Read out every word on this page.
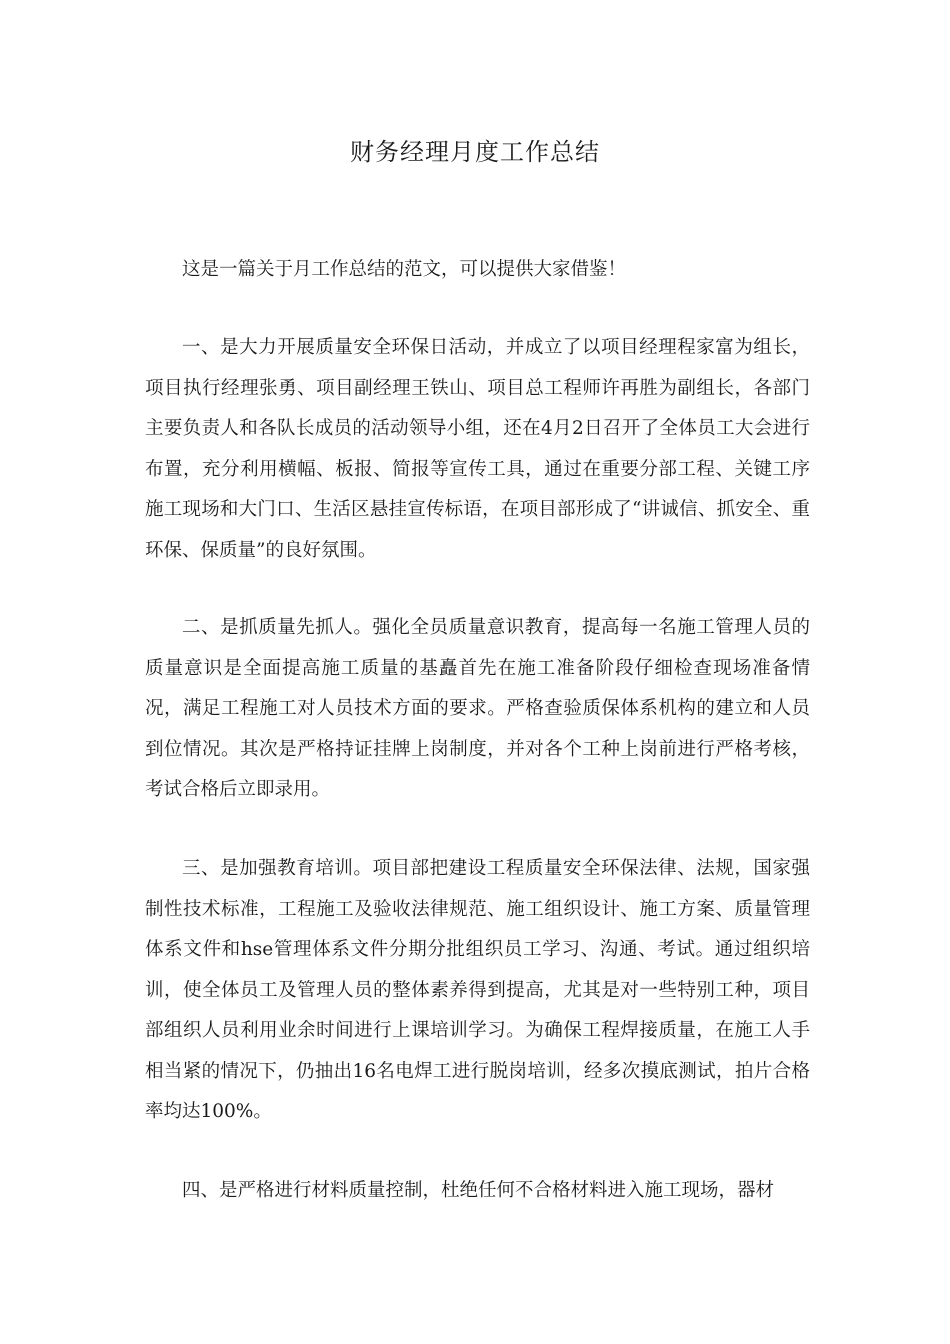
财务经理月度工作总结

这是一篇关于月工作总结的范文，可以提供大家借鉴！

一、是大力开展质量安全环保日活动，并成立了以项目经理程家富为组长，项目执行经理张勇、项目副经理王铁山、项目总工程师许再胜为副组长，各部门主要负责人和各队长成员的活动领导小组，还在4月2日召开了全体员工大会进行布置，充分利用横幅、板报、简报等宣传工具，通过在重要分部工程、关键工序施工现场和大门口、生活区悬挂宣传标语，在项目部形成了“讲诚信、抓安全、重环保、保质量”的良好氛围。

二、是抓质量先抓人。强化全员质量意识教育，提高每一名施工管理人员的质量意识是全面提高施工质量的基矗首先在施工准备阶段仔细检查现场准备情况，满足工程施工对人员技术方面的要求。严格查验质保体系机构的建立和人员到位情况。其次是严格持证挂牌上岗制度，并对各个工种上岗前进行严格考核，考试合格后立即录用。

三、是加强教育培训。项目部把建设工程质量安全环保法律、法规，国家强制性技术标准，工程施工及验收法律规范、施工组织设计、施工方案、质量管理体系文件和hse管理体系文件分期分批组织员工学习、沟通、考试。通过组织培训，使全体员工及管理人员的整体素养得到提高，尤其是对一些特别工种，项目部组织人员利用业余时间进行上课培训学习。为确保工程焊接质量，在施工人手相当紧的情况下，仍抽出16名电焊工进行脱岗培训，经多次摸底测试，拍片合格率均达100%。

四、是严格进行材料质量控制，杜绝任何不合格材料进入施工现场，器材
